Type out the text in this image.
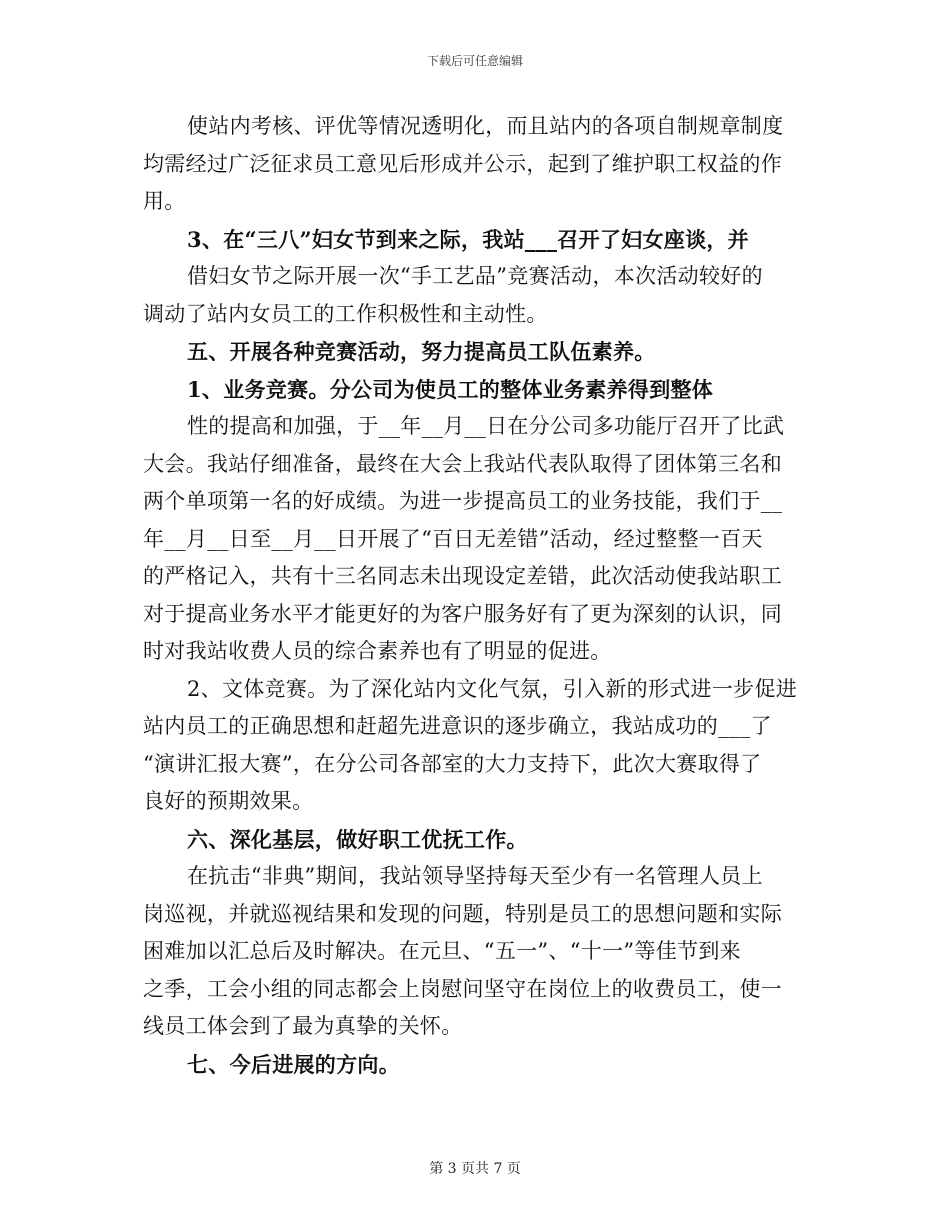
下载后可任意编辑
使站内考核、评优等情况透明化，而且站内的各项自制规章制度
均需经过广泛征求员工意见后形成并公示，起到了维护职工权益的作
用。
3、在“三八”妇女节到来之际，我站___召开了妇女座谈，并
借妇女节之际开展一次“手工艺品”竞赛活动，本次活动较好的
调动了站内女员工的工作积极性和主动性。
五、开展各种竞赛活动，努力提高员工队伍素养。
1、业务竞赛。分公司为使员工的整体业务素养得到整体
性的提高和加强，于__年__月__日在分公司多功能厅召开了比武
大会。我站仔细准备，最终在大会上我站代表队取得了团体第三名和
两个单项第一名的好成绩。为进一步提高员工的业务技能，我们于__
年__月__日至__月__日开展了“百日无差错”活动，经过整整一百天
的严格记入，共有十三名同志未出现设定差错，此次活动使我站职工
对于提高业务水平才能更好的为客户服务好有了更为深刻的认识，同
时对我站收费人员的综合素养也有了明显的促进。
2、文体竞赛。为了深化站内文化气氛，引入新的形式进一步促进
站内员工的正确思想和赶超先进意识的逐步确立，我站成功的___了
“演讲汇报大赛”，在分公司各部室的大力支持下，此次大赛取得了
良好的预期效果。
六、深化基层，做好职工优抚工作。
在抗击“非典”期间，我站领导坚持每天至少有一名管理人员上
岗巡视，并就巡视结果和发现的问题，特别是员工的思想问题和实际
困难加以汇总后及时解决。在元旦、“五一”、“十一”等佳节到来
之季，工会小组的同志都会上岗慰问坚守在岗位上的收费员工，使一
线员工体会到了最为真挚的关怀。
七、今后进展的方向。
第 3 页共 7 页
